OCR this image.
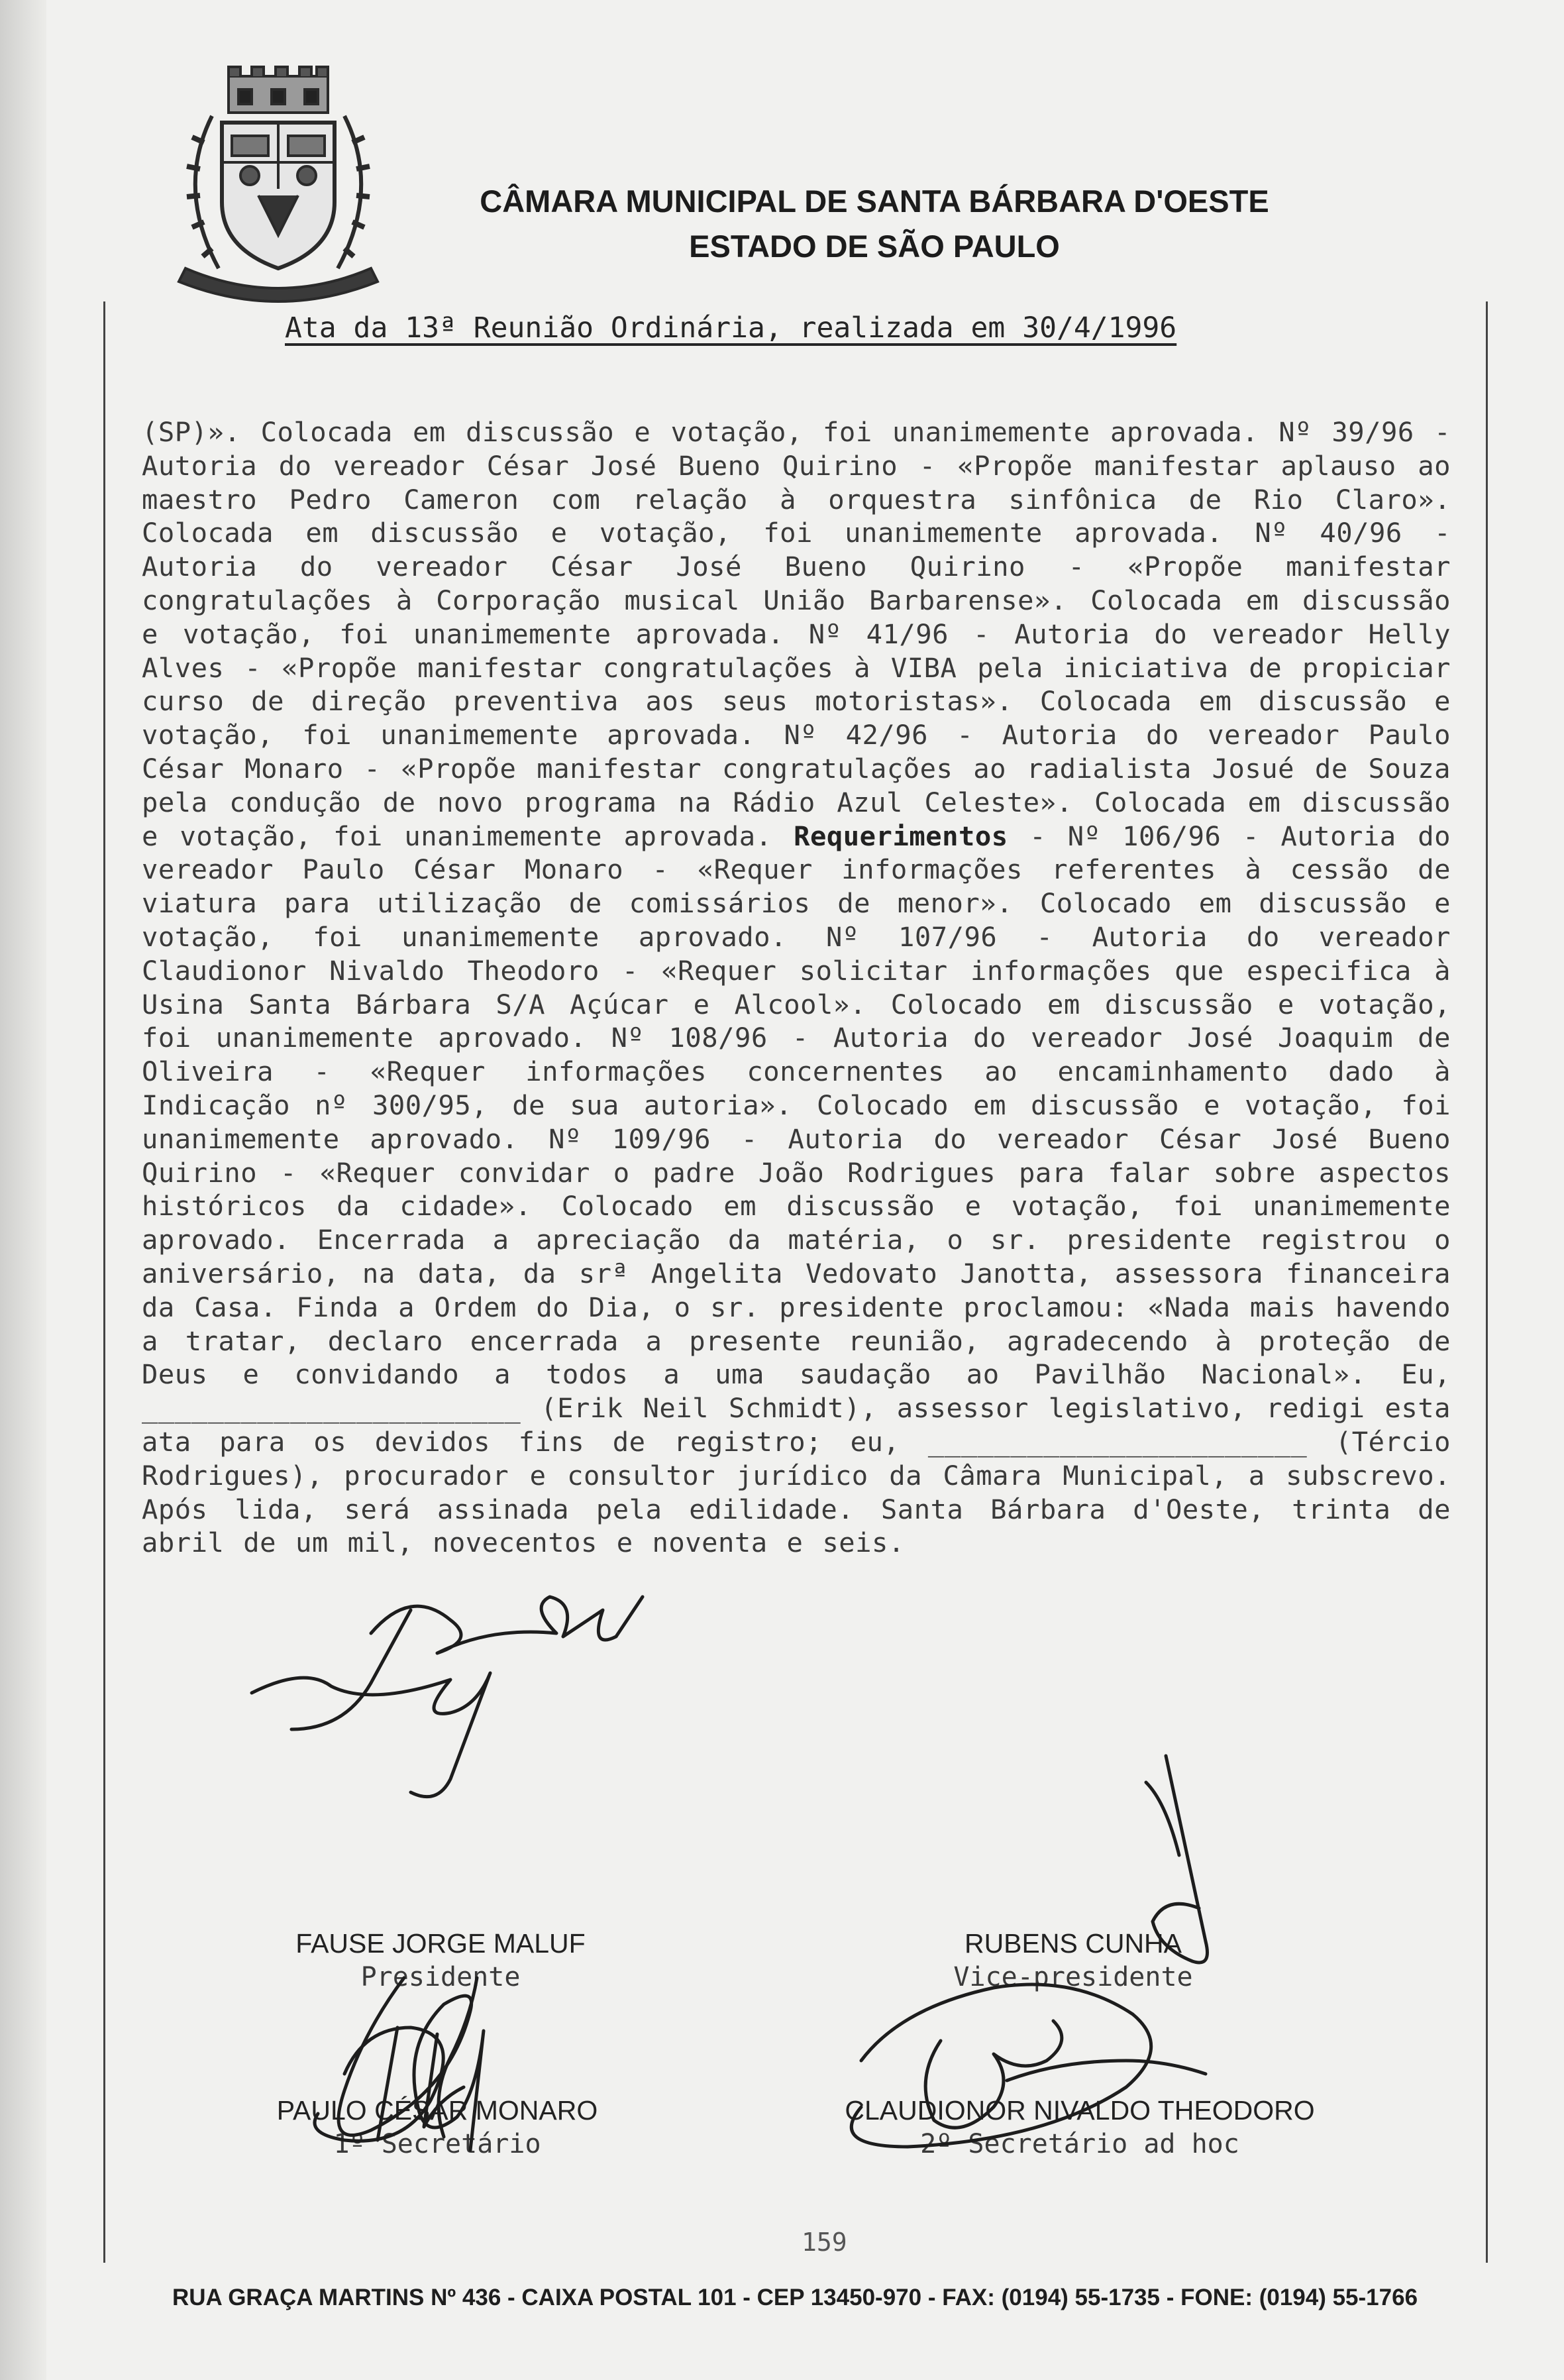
CÂMARA MUNICIPAL DE SANTA BÁRBARA D'OESTE
ESTADO DE SÃO PAULO
Ata da 13ª Reunião Ordinária, realizada em 30/4/1996
(SP)». Colocada em discussão e votação, foi unanimemente aprovada. Nº 39/96 - Autoria do vereador César José Bueno Quirino - «Propõe manifestar aplauso ao maestro Pedro Cameron com relação à orquestra sinfônica de Rio Claro». Colocada em discussão e votação, foi unanimemente aprovada. Nº 40/96 - Autoria do vereador César José Bueno Quirino - «Propõe manifestar congratulações à Corporação musical União Barbarense». Colocada em discussão e votação, foi unanimemente aprovada. Nº 41/96 - Autoria do vereador Helly Alves - «Propõe manifestar congratulações à VIBA pela iniciativa de propiciar curso de direção preventiva aos seus motoristas». Colocada em discussão e votação, foi unanimemente aprovada. Nº 42/96 - Autoria do vereador Paulo César Monaro - «Propõe manifestar congratulações ao radialista Josué de Souza pela condução de novo programa na Rádio Azul Celeste». Colocada em discussão e votação, foi unanimemente aprovada. Requerimentos - Nº 106/96 - Autoria do vereador Paulo César Monaro - «Requer informações referentes à cessão de viatura para utilização de comissários de menor». Colocado em discussão e votação, foi unanimemente aprovado. Nº 107/96 - Autoria do vereador Claudionor Nivaldo Theodoro - «Requer solicitar informações que especifica à Usina Santa Bárbara S/A Açúcar e Alcool». Colocado em discussão e votação, foi unanimemente aprovado. Nº 108/96 - Autoria do vereador José Joaquim de Oliveira - «Requer informações concernentes ao encaminhamento dado à Indicação nº 300/95, de sua autoria». Colocado em discussão e votação, foi unanimemente aprovado. Nº 109/96 - Autoria do vereador César José Bueno Quirino - «Requer convidar o padre João Rodrigues para falar sobre aspectos históricos da cidade». Colocado em discussão e votação, foi unanimemente aprovado. Encerrada a apreciação da matéria, o sr. presidente registrou o aniversário, na data, da srª Angelita Vedovato Janotta, assessora financeira da Casa. Finda a Ordem do Dia, o sr. presidente proclamou: «Nada mais havendo a tratar, declaro encerrada a presente reunião, agradecendo à proteção de Deus e convidando a todos a uma saudação ao Pavilhão Nacional». Eu, _______________________ (Erik Neil Schmidt), assessor legislativo, redigi esta ata para os devidos fins de registro; eu, _______________________ (Tércio Rodrigues), procurador e consultor jurídico da Câmara Municipal, a subscrevo. Após lida, será assinada pela edilidade. Santa Bárbara d'Oeste, trinta de abril de um mil, novecentos e noventa e seis.
FAUSE JORGE MALUF
Presidente
RUBENS CUNHA
Vice-presidente
PAULO CÉSAR MONARO
1º Secretário
CLAUDIONOR NIVALDO THEODORO
2º Secretário ad hoc
159
RUA GRAÇA MARTINS Nº 436 - CAIXA POSTAL 101 - CEP 13450-970 - FAX: (0194) 55-1735 - FONE: (0194) 55-1766
